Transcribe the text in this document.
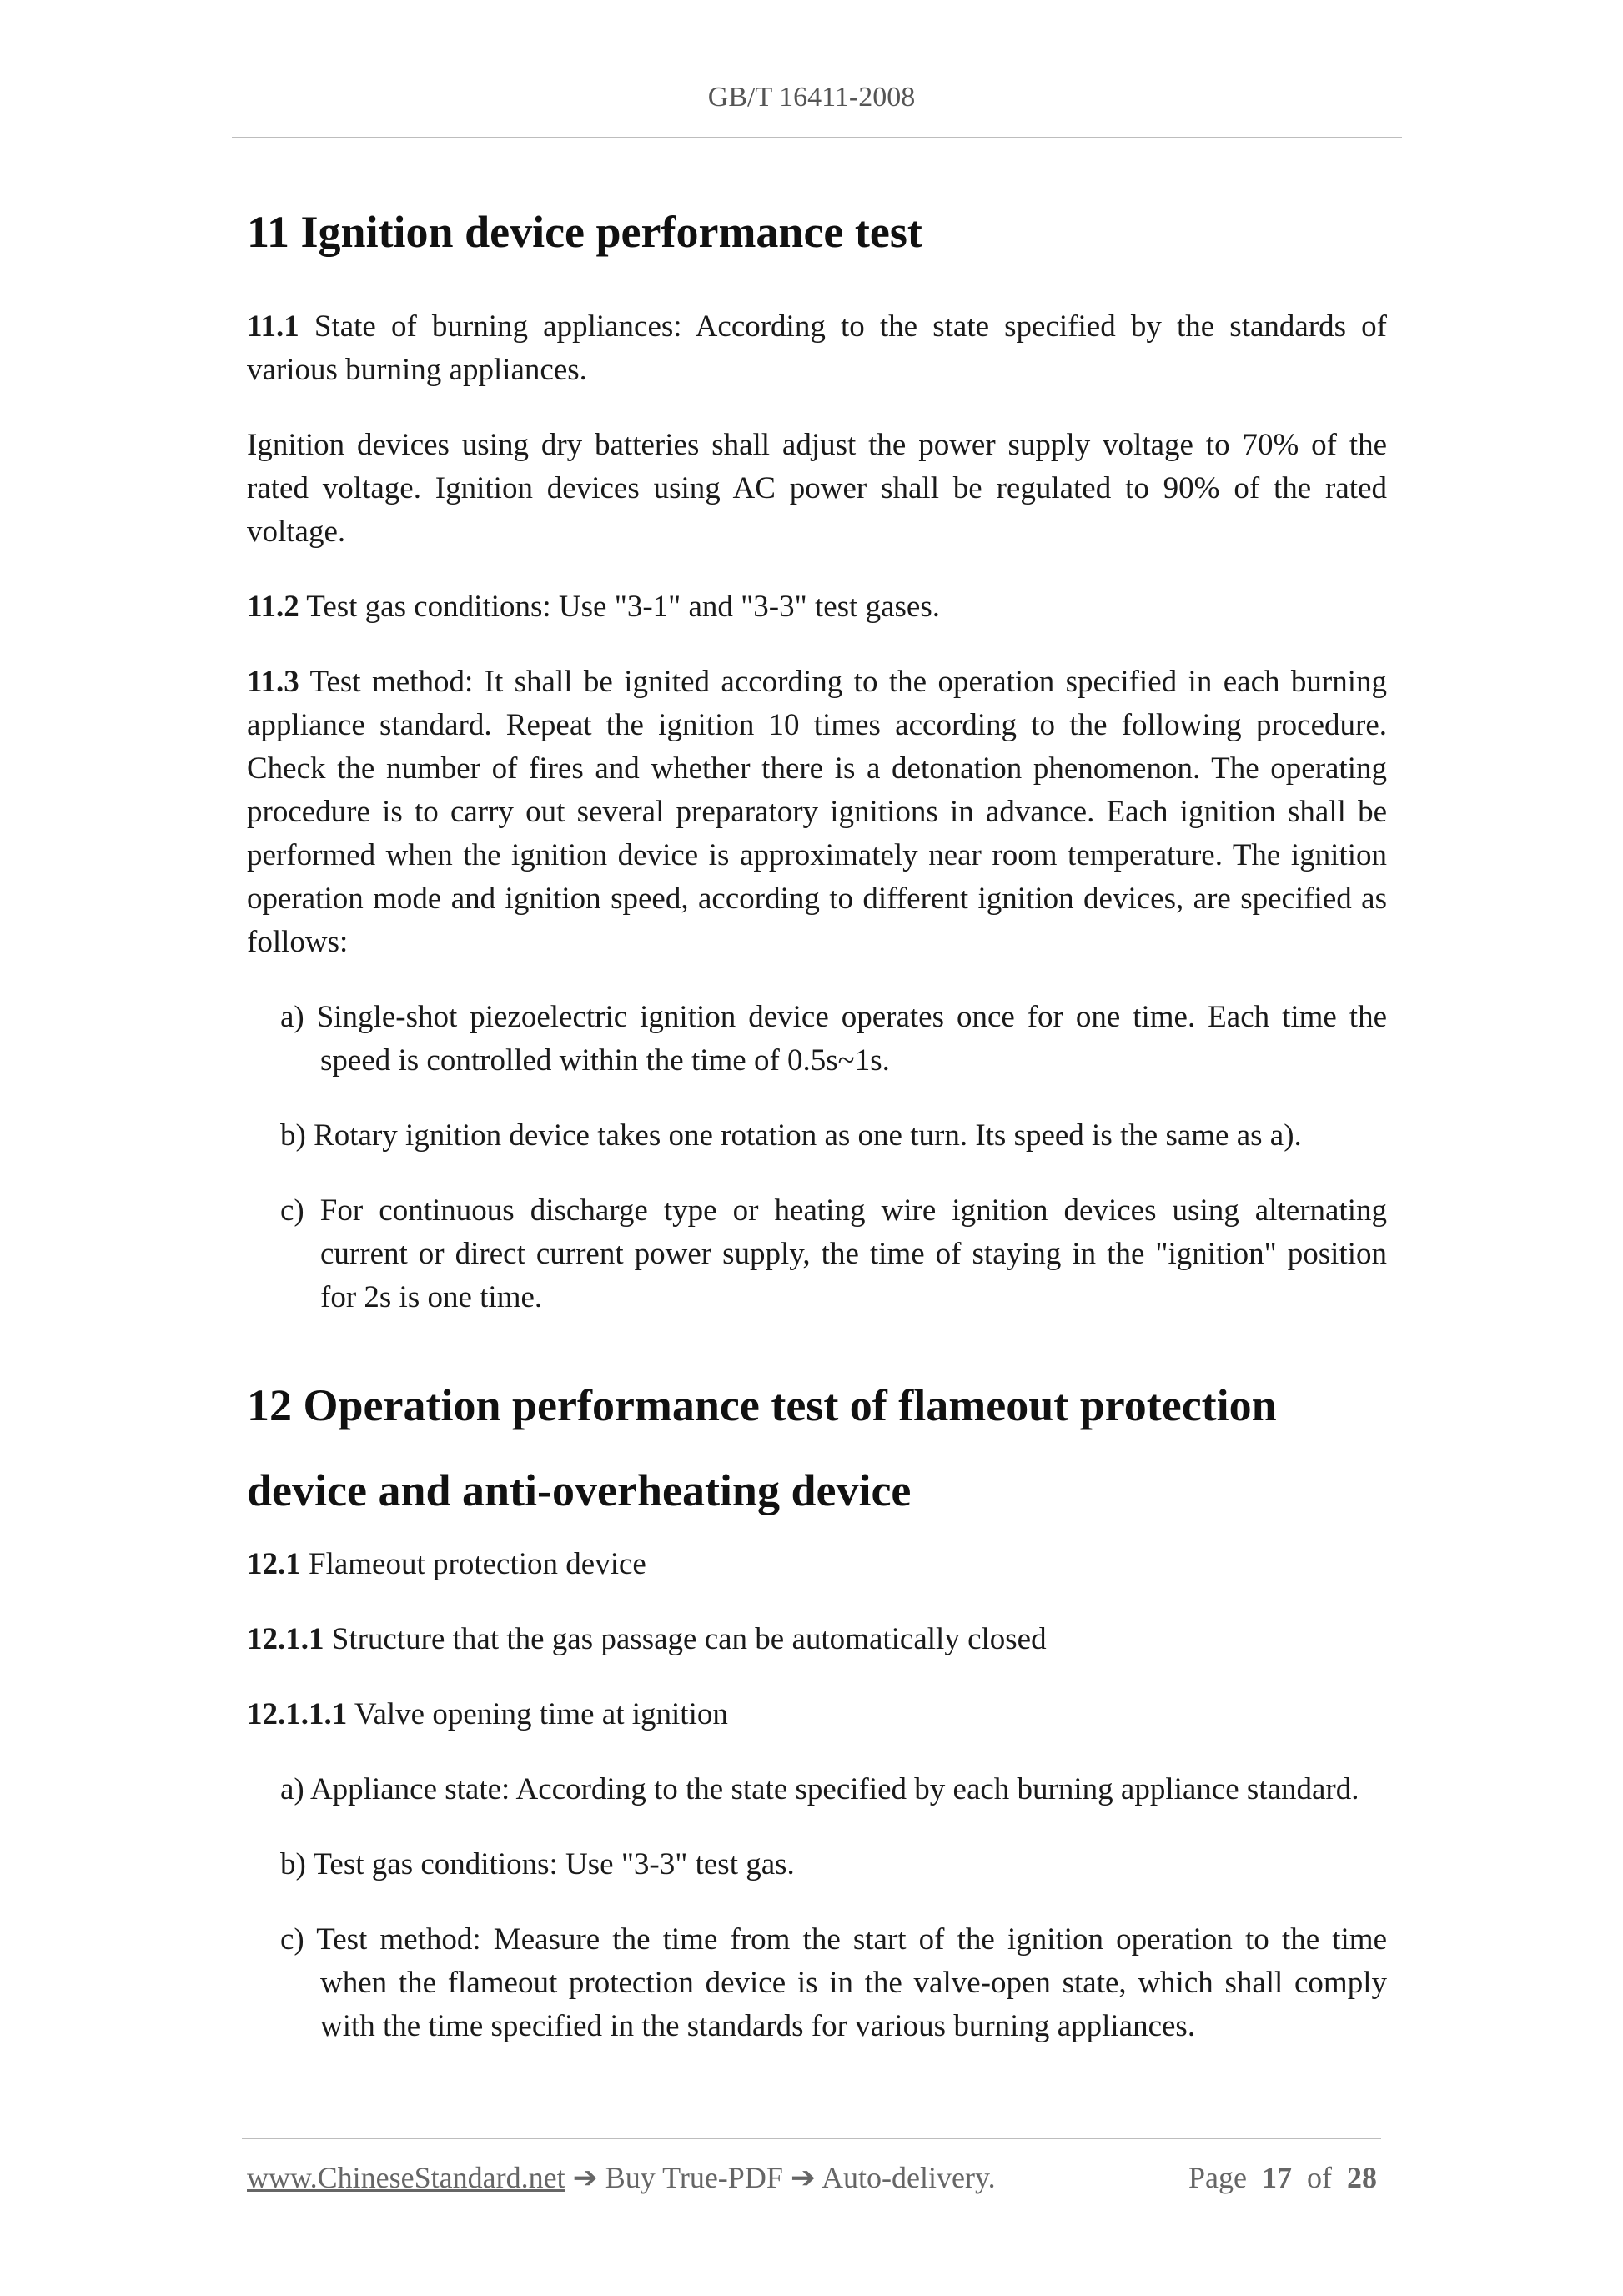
GB/T 16411-2008
11 Ignition device performance test

11.1 State of burning appliances: According to the state specified by the standards of various burning appliances.

Ignition devices using dry batteries shall adjust the power supply voltage to 70% of the rated voltage. Ignition devices using AC power shall be regulated to 90% of the rated voltage.

11.2 Test gas conditions: Use "3-1" and "3-3" test gases.

11.3 Test method: It shall be ignited according to the operation specified in each burning appliance standard. Repeat the ignition 10 times according to the following procedure. Check the number of fires and whether there is a detonation phenomenon. The operating procedure is to carry out several preparatory ignitions in advance. Each ignition shall be performed when the ignition device is approximately near room temperature. The ignition operation mode and ignition speed, according to different ignition devices, are specified as follows:

a) Single-shot piezoelectric ignition device operates once for one time. Each time the speed is controlled within the time of 0.5s~1s.

b) Rotary ignition device takes one rotation as one turn. Its speed is the same as a).

c) For continuous discharge type or heating wire ignition devices using alternating current or direct current power supply, the time of staying in the "ignition" position for 2s is one time.

12 Operation performance test of flameout protection device and anti-overheating device

12.1 Flameout protection device

12.1.1 Structure that the gas passage can be automatically closed

12.1.1.1 Valve opening time at ignition

a) Appliance state: According to the state specified by each burning appliance standard.

b) Test gas conditions: Use "3-3" test gas.

c) Test method: Measure the time from the start of the ignition operation to the time when the flameout protection device is in the valve-open state, which shall comply with the time specified in the standards for various burning appliances.

www.ChineseStandard.net ➔ Buy True-PDF ➔ Auto-delivery.	Page 17 of 28
